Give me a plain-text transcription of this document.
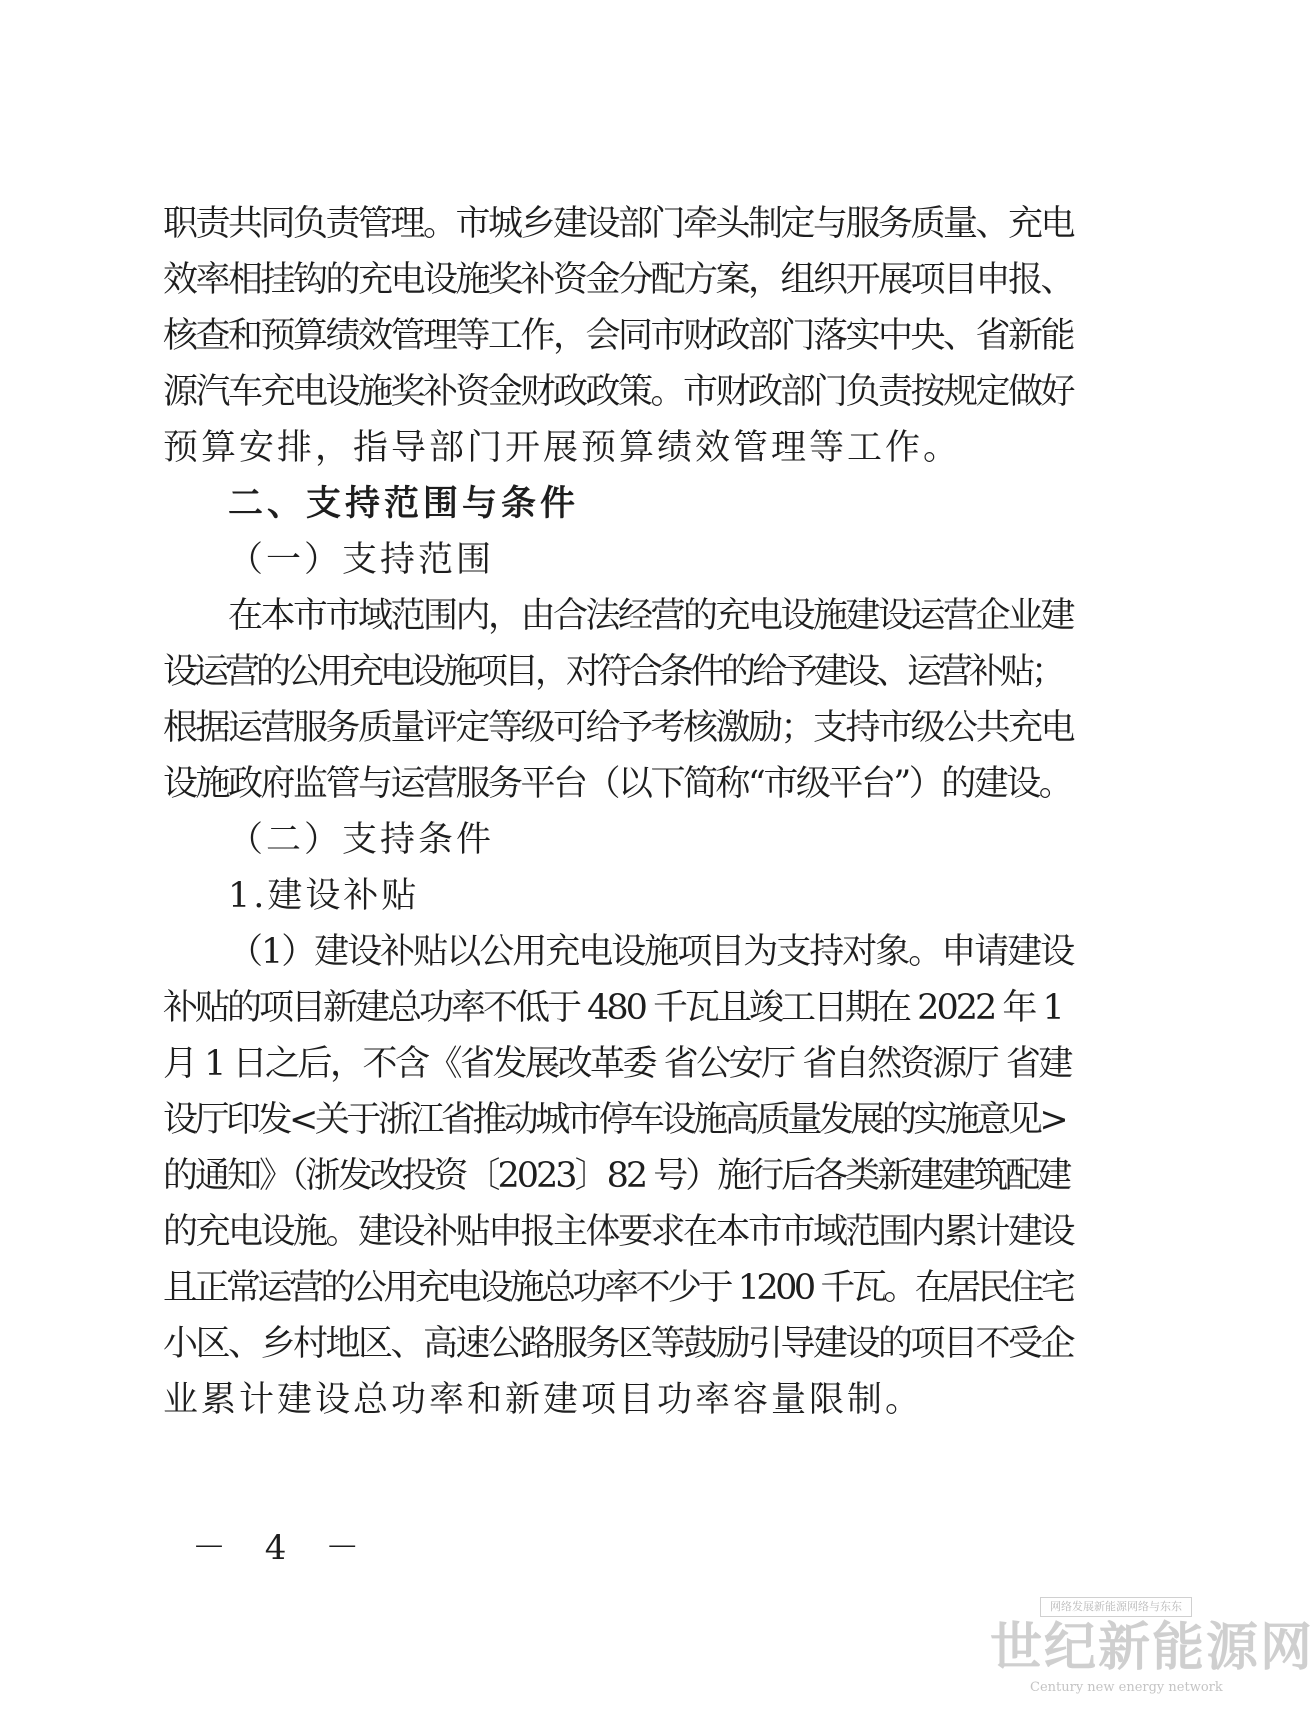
职责共同负责管理。市城乡建设部门牵头制定与服务质量、充电
效率相挂钩的充电设施奖补资金分配方案，组织开展项目申报、
核查和预算绩效管理等工作，会同市财政部门落实中央、省新能
源汽车充电设施奖补资金财政政策。市财政部门负责按规定做好
预算安排，指导部门开展预算绩效管理等工作。
二、支持范围与条件
（一）支持范围
在本市市域范围内，由合法经营的充电设施建设运营企业建
设运营的公用充电设施项目，对符合条件的给予建设、运营补贴；
根据运营服务质量评定等级可给予考核激励；支持市级公共充电
设施政府监管与运营服务平台（以下简称“市级平台”）的建设。
（二）支持条件
1.建设补贴
（1）建设补贴以公用充电设施项目为支持对象。申请建设
补贴的项目新建总功率不低于 480 千瓦且竣工日期在 2022 年 1
月 1 日之后，不含《省发展改革委 省公安厅 省自然资源厅 省建
设厅印发<关于浙江省推动城市停车设施高质量发展的实施意见>
的通知》（浙发改投资〔2023〕82 号）施行后各类新建建筑配建
的充电设施。建设补贴申报主体要求在本市市域范围内累计建设
且正常运营的公用充电设施总功率不少于 1200 千瓦。在居民住宅
小区、乡村地区、高速公路服务区等鼓励引导建设的项目不受企
业累计建设总功率和新建项目功率容量限制。
－ 4 －
网络发展新能源网络与东东
世纪新能源网
Century new energy network
